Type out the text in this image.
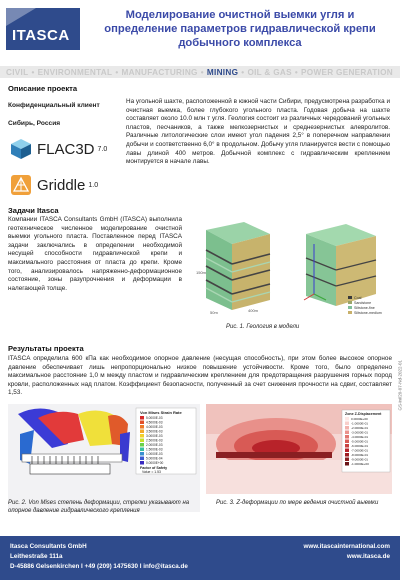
ITASCA
Моделирование очистной выемки угля и определение параметров гидравлической крепи добычного комплекса
CIVIL • ENVIRONMENTAL • MANUFACTURING • MINING • OIL & GAS • POWER GENERATION
Описание проекта
Конфиденциальный клиент
Сибирь, Россия
FLAC3D 7.0
Griddle 1.0
Задачи Itasca
Компании ITASCA Consultants GmbH (ITASCA) выполнила геотехническое численное моделирование очистной выемки угольного пласта. Поставленное перед ITASCA задачи заключались в определении необходимой несущей способности гидравлической крепи и максимального расстояния от пласта до крепи. Кроме того, анализировалось напряженно-деформационное состояние, зоны разупрочнения и деформации в налегающей толще.
На угольной шахте, расположенной в южной части Сибири, предусмотрена разработка и очистная выемка, более глубокого угольного пласта. Годовая добыча на шахте составляет около 10.0 млн т угля. Геология состоит из различных чередований угольных пластов, песчаников, а также мелкозернистых и среднезернистых алевролитов. Различные литологические слои имеют угол падения 2,5° в поперечном направлении добычи и соответственно 6,0° в продольном. Добычу угля планируется вести с помощью лавы длиной 400 метров. Добычной комплекс с гидравлическим креплением монтируется в начале лавы.
150m
50m	400m
Coal
Sandstone
Siltstone-fine
Siltstone-medium
Рис. 1. Геология в модели
Результаты проекта
ITASCA определила 600 кПа как необходимое опорное давление (несущая способность), при этом более высокое опорное давление обеспечивает лишь непропорционально низкое повышение устойчивости. Кроме того, было определено максимальное расстояние 1,0 м между пластом и гидравлическим креплением для предотвращения разрушения горных пород кровли, расположенных над платом. Коэффициент безопасности, полученный за счет снижения прочности на сдвиг, составляет 1,53.
Von Mises Strain Rate
5.0000E-03
4.5000E-03
4.0000E-03
3.5000E-03
3.0000E-03
2.5000E-03
2.0000E-03
1.5000E-03
1.0000E-03
5.0000E-04
0.0000E+00
Factor of Safety
Value = 1.53
Рис. 2. Von Mises степень деформации, стрелки указывают на опорное давление гидравлического крепления
Zone Z-Displacement
0.0000E+00
-1.0000E-01
-2.0000E-01
-3.0000E-01
-4.0000E-01
-5.0000E-01
-6.0000E-01
-7.0000E-01
-8.0000E-01
-9.0000E-01
-1.0000E+00
Рис. 3. Z-деформации по мере ведения очистной выемки
GS-ini/20-07-Nd-2022-01
Itasca Consultants GmbH
Leithestraße 111a
D-45886 Gelsenkirchen I +49 (209) 1475630 I info@itasca.de
www.itascainternational.com
www.itasca.de
